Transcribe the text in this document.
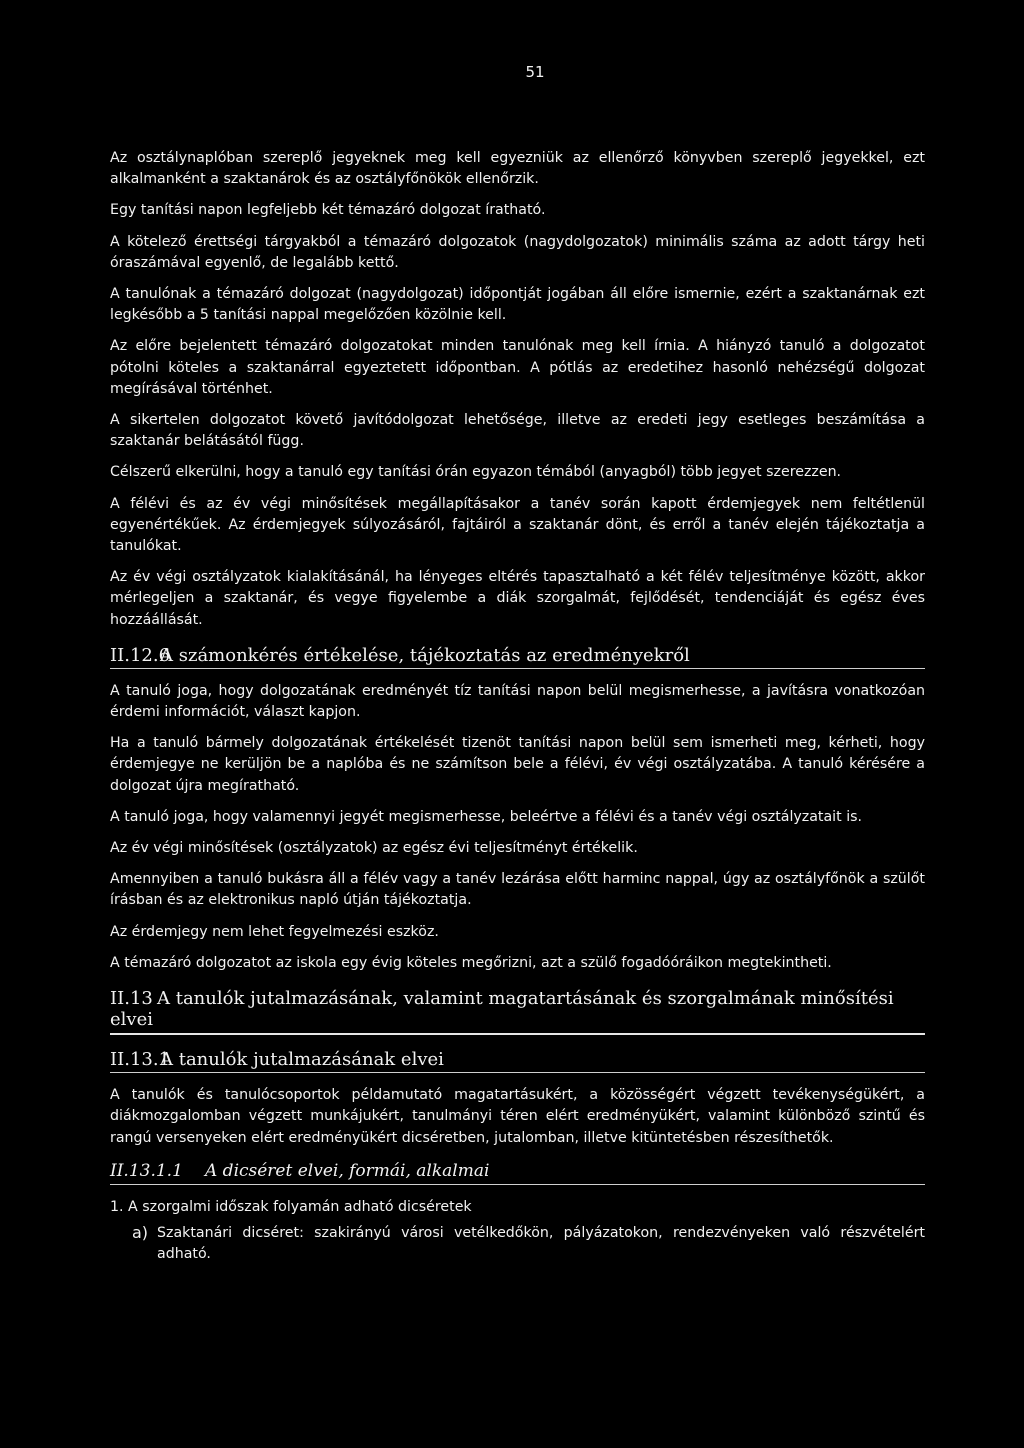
51

Az osztálynaplóban szereplő jegyeknek meg kell egyezniük az ellenőrző könyvben szereplő jegyekkel, ezt alkalmanként a szaktanárok és az osztályfőnökök ellenőrzik.

Egy tanítási napon legfeljebb két témazáró dolgozat íratható.

A kötelező érettségi tárgyakból a témazáró dolgozatok (nagydolgozatok) minimális száma az adott tárgy heti óraszámával egyenlő, de legalább kettő.

A tanulónak a témazáró dolgozat (nagydolgozat) időpontját jogában áll előre ismernie, ezért a szaktanárnak ezt legkésőbb a 5 tanítási nappal megelőzően közölnie kell.

Az előre bejelentett témazáró dolgozatokat minden tanulónak meg kell írnia. A hiányzó tanuló a dolgozatot pótolni köteles a szaktanárral egyeztetett időpontban. A pótlás az eredetihez hasonló nehézségű dolgozat megírásával történhet.

A sikertelen dolgozatot követő javítódolgozat lehetősége, illetve az eredeti jegy esetleges beszámítása a szaktanár belátásától függ.

Célszerű elkerülni, hogy a tanuló egy tanítási órán egyazon témából (anyagból) több jegyet szerezzen.

A félévi és az év végi minősítések megállapításakor a tanév során kapott érdemjegyek nem feltétlenül egyenértékűek. Az érdemjegyek súlyozásáról, fajtáiról a szaktanár dönt, és erről a tanév elején tájékoztatja a tanulókat.

Az év végi osztályzatok kialakításánál, ha lényeges eltérés tapasztalható a két félév teljesítménye között, akkor mérlegeljen a szaktanár, és vegye figyelembe a diák szorgalmát, fejlődését, tendenciáját és egész éves hozzáállását.

II.12.6A számonkérés értékelése, tájékoztatás az eredményekről

A tanuló joga, hogy dolgozatának eredményét tíz tanítási napon belül megismerhesse, a javításra vonatkozóan érdemi információt, választ kapjon.

Ha a tanuló bármely dolgozatának értékelését tizenöt tanítási napon belül sem ismerheti meg, kérheti, hogy érdemjegye ne kerüljön be a naplóba és ne számítson bele a félévi, év végi osztályzatába. A tanuló kérésére a dolgozat újra megíratható.

A tanuló joga, hogy valamennyi jegyét megismerhesse, beleértve a félévi és a tanév végi osztályzatait is.

Az év végi minősítések (osztályzatok) az egész évi teljesítményt értékelik.

Amennyiben a tanuló bukásra áll a félév vagy a tanév lezárása előtt harminc nappal, úgy az osztályfőnök a szülőt írásban és az elektronikus napló útján tájékoztatja.

Az érdemjegy nem lehet fegyelmezési eszköz.

A témazáró dolgozatot az iskola egy évig köteles megőrizni, azt a szülő fogadóóráikon megtekintheti.

II.13 A tanulók jutalmazásának, valamint magatartásának és szorgalmának minősítési elvei
II.13.1A tanulók jutalmazásának elvei

A tanulók és tanulócsoportok példamutató magatartásukért, a közösségért végzett tevékenységükért, a diákmozgalomban végzett munkájukért, tanulmányi téren elért eredményükért, valamint különböző szintű és rangú versenyeken elért eredményükért dicséretben, jutalomban, illetve kitüntetésben részesíthetők.

II.13.1.1 A dicséret elvei, formái, alkalmai

1. A szorgalmi időszak folyamán adható dicséretek

a) Szaktanári dicséret: szakirányú városi vetélkedőkön, pályázatokon, rendezvényeken való részvételért adható.
